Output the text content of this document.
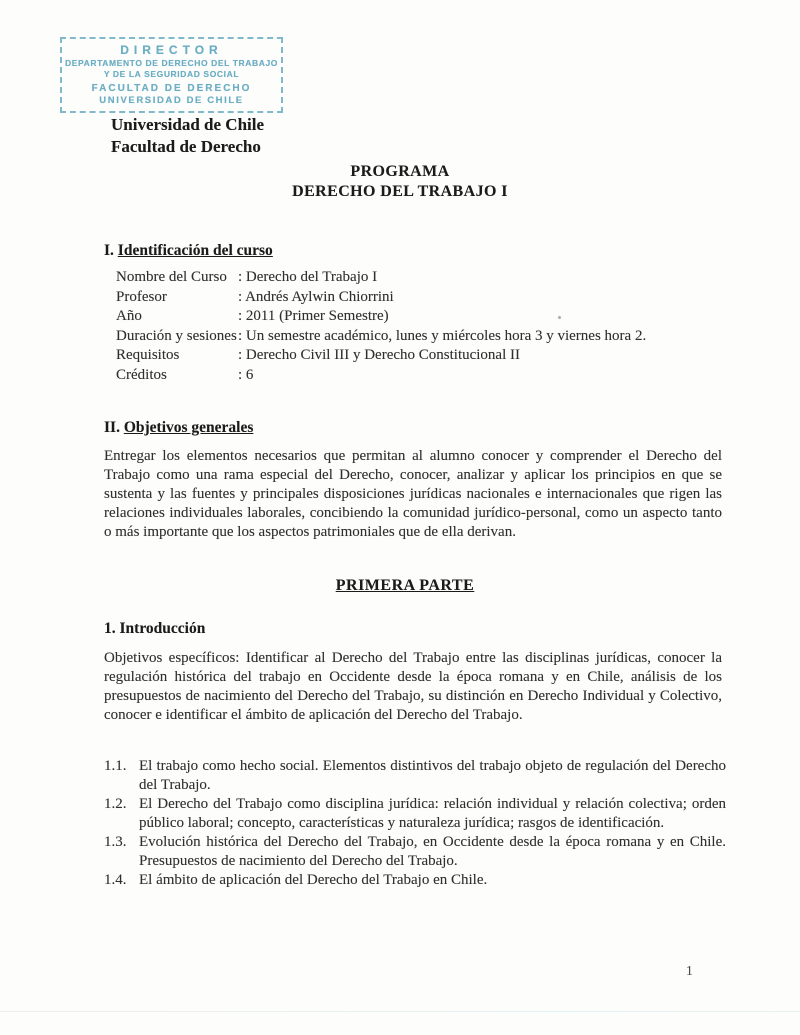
DIRECTOR
DEPARTAMENTO DE DERECHO DEL TRABAJO
Y DE LA SEGURIDAD SOCIAL
FACULTAD DE DERECHO
UNIVERSIDAD DE CHILE
Universidad de Chile
Facultad de Derecho
PROGRAMA
DERECHO DEL TRABAJO I
I. Identificación del curso
Nombre del Curso : Derecho del Trabajo I
Profesor	: Andrés Aylwin Chiorrini
Año	: 2011 (Primer Semestre)
Duración y sesiones : Un semestre académico, lunes y miércoles hora 3 y viernes hora 2.
Requisitos	: Derecho Civil III y Derecho Constitucional II
Créditos	: 6
II. Objetivos generales
Entregar los elementos necesarios que permitan al alumno conocer y comprender el Derecho del Trabajo como una rama especial del Derecho, conocer, analizar y aplicar los principios en que se sustenta y las fuentes y principales disposiciones jurídicas nacionales e internacionales que rigen las relaciones individuales laborales, concibiendo la comunidad jurídico-personal, como un aspecto tanto o más importante que los aspectos patrimoniales que de ella derivan.
PRIMERA PARTE
1. Introducción
Objetivos específicos: Identificar al Derecho del Trabajo entre las disciplinas jurídicas, conocer la regulación histórica del trabajo en Occidente desde la época romana y en Chile, análisis de los presupuestos de nacimiento del Derecho del Trabajo, su distinción en Derecho Individual y Colectivo, conocer e identificar el ámbito de aplicación del Derecho del Trabajo.
1.1. El trabajo como hecho social. Elementos distintivos del trabajo objeto de regulación del Derecho del Trabajo.
1.2. El Derecho del Trabajo como disciplina jurídica: relación individual y relación colectiva; orden público laboral; concepto, características y naturaleza jurídica; rasgos de identificación.
1.3. Evolución histórica del Derecho del Trabajo, en Occidente desde la época romana y en Chile. Presupuestos de nacimiento del Derecho del Trabajo.
1.4. El ámbito de aplicación del Derecho del Trabajo en Chile.
1
